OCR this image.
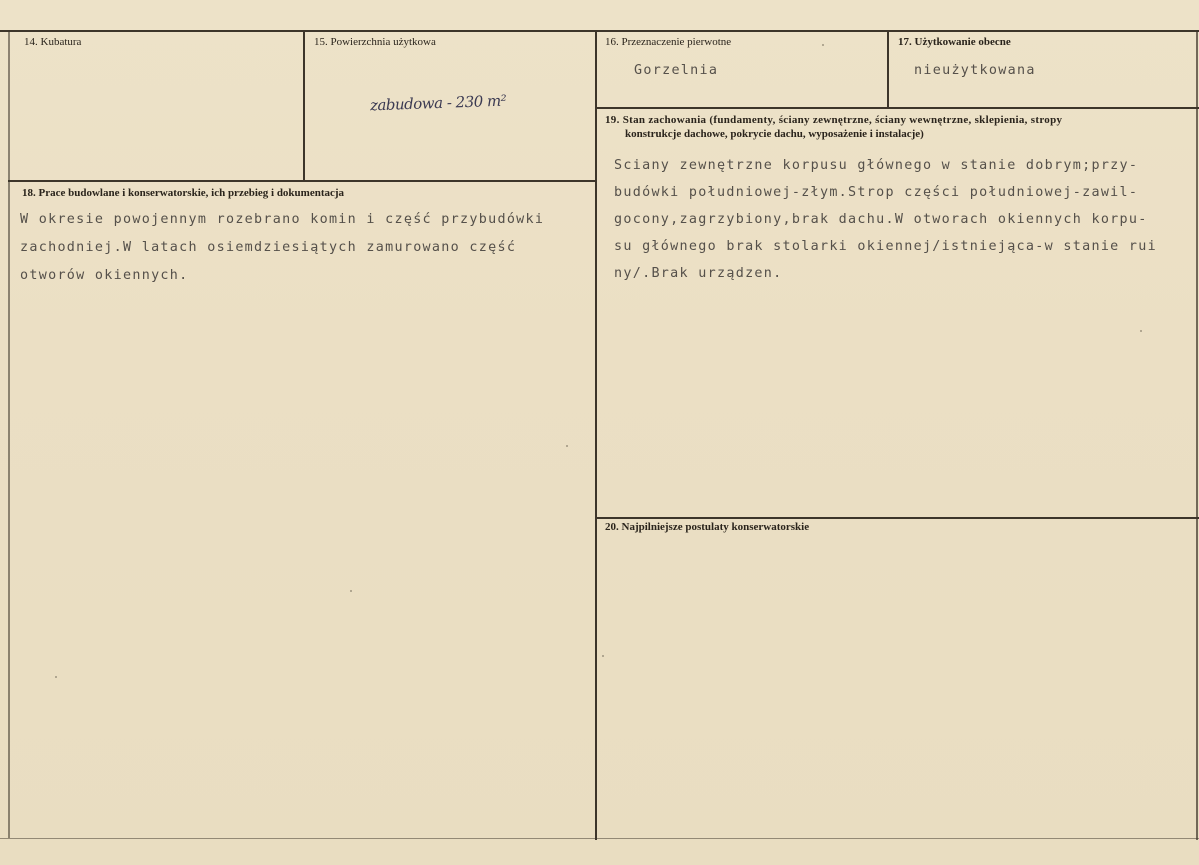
14. Kubatura	15. Powierzchnia użytkowa
zabudowa - 230 m²
16. Przeznaczenie pierwotne
Gorzelnia
17. Użytkowanie obecne
nieużytkowana
18. Prace budowlane i konserwatorskie, ich przebieg i dokumentacja
W okresie powojennym rozebrano komin i część przybudówki
zachodniej.W latach osiemdziesiątych zamurowano część
otworów okiennych.
19. Stan zachowania (fundamenty, ściany zewnętrzne, ściany wewnętrzne, sklepienia, stropy
konstrukcje dachowe, pokrycie dachu, wyposażenie i instalacje)
Sciany zewnętrzne korpusu głównego w stanie dobrym;przy-
budówki południowej-złym.Strop części południowej-zawil-
gocony,zagrzybiony,brak dachu.W otworach okiennych korpu-
su głównego brak stolarki okiennej/istniejąca-w stanie rui
ny/.Brak urządzen.
20. Najpilniejsze postulaty konserwatorskie
